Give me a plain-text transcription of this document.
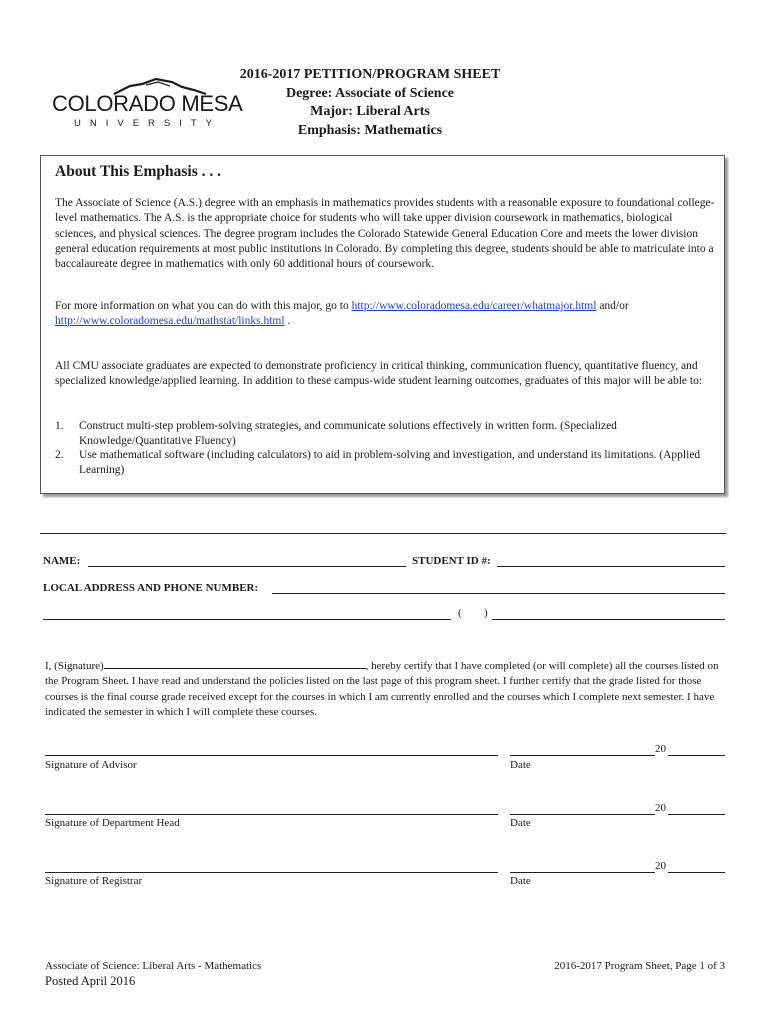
COLORADO MESA
UNIVERSITY
2016-2017 PETITION/PROGRAM SHEET
Degree: Associate of Science
Major: Liberal Arts
Emphasis: Mathematics
About This Emphasis . . .
The Associate of Science (A.S.) degree with an emphasis in mathematics provides students with a reasonable exposure to foundational college-level mathematics. The A.S. is the appropriate choice for students who will take upper division coursework in mathematics, biological sciences, and physical sciences. The degree program includes the Colorado Statewide General Education Core and meets the lower division general education requirements at most public institutions in Colorado. By completing this degree, students should be able to matriculate into a baccalaureate degree in mathematics with only 60 additional hours of coursework.
For more information on what you can do with this major, go to http://www.coloradomesa.edu/career/whatmajor.html and/or http://www.coloradomesa.edu/mathstat/links.html .
All CMU associate graduates are expected to demonstrate proficiency in critical thinking, communication fluency, quantitative fluency, and specialized knowledge/applied learning. In addition to these campus-wide student learning outcomes, graduates of this major will be able to:
1. Construct multi-step problem-solving strategies, and communicate solutions effectively in written form. (Specialized Knowledge/Quantitative Fluency)
2. Use mathematical software (including calculators) to aid in problem-solving and investigation, and understand its limitations. (Applied Learning)
NAME:	STUDENT ID #:
LOCAL ADDRESS AND PHONE NUMBER:
( )
I, (Signature)	, hereby certify that I have completed (or will complete) all the courses listed on the Program Sheet. I have read and understand the policies listed on the last page of this program sheet. I further certify that the grade listed for those courses is the final course grade received except for the courses in which I am currently enrolled and the courses which I complete next semester. I have indicated the semester in which I will complete these courses.
Signature of Advisor
20
Date
Signature of Department Head
20
Date
Signature of Registrar
20
Date
Associate of Science: Liberal Arts - Mathematics
Posted April 2016
2016-2017 Program Sheet, Page 1 of 3
